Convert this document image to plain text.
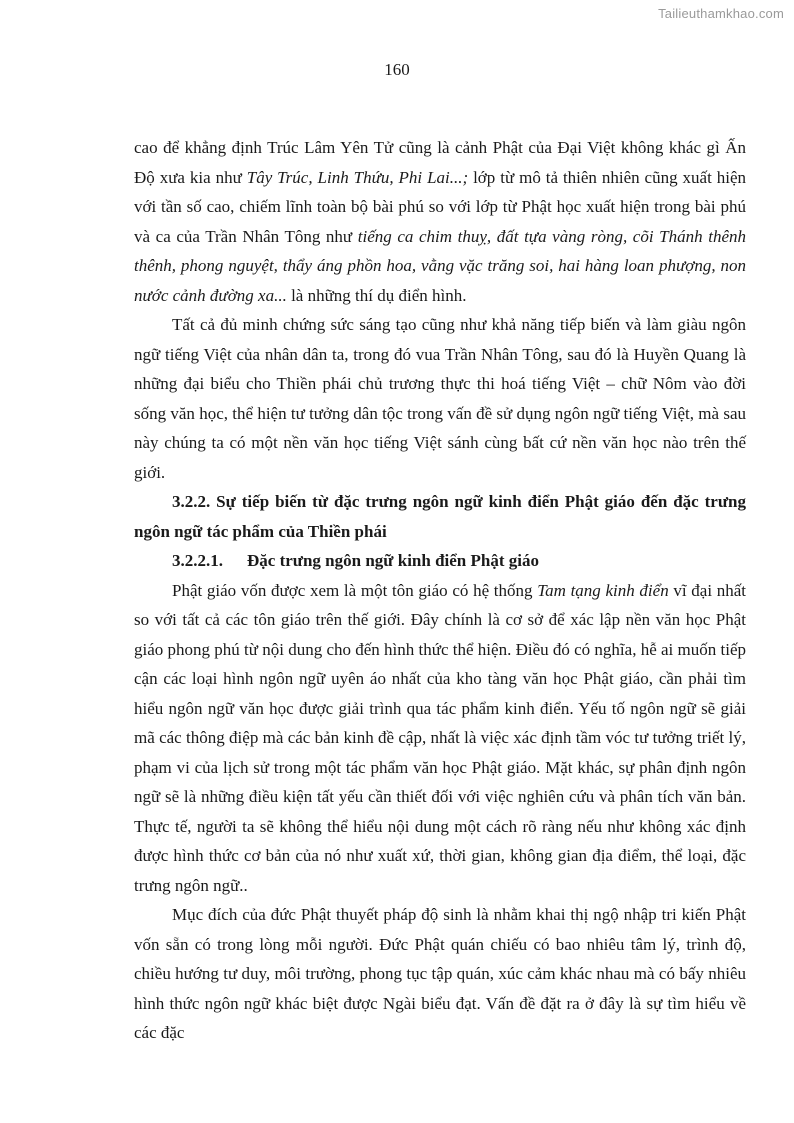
Tailieuthamkhao.com
160

cao để khẳng định Trúc Lâm Yên Tử cũng là cảnh Phật của Đại Việt không khác gì Ấn Độ xưa kia như Tây Trúc, Linh Thứu, Phi Lai...; lớp từ mô tả thiên nhiên cũng xuất hiện với tần số cao, chiếm lĩnh toàn bộ bài phú so với lớp từ Phật học xuất hiện trong bài phú và ca của Trần Nhân Tông như tiếng ca chim thuỵ, đất tựa vàng ròng, cõi Thánh thênh thênh, phong nguyệt, thẩy áng phồn hoa, vằng vặc trăng soi, hai hàng loan phượng, non nước cảnh đường xa... là những thí dụ điển hình.

Tất cả đủ minh chứng sức sáng tạo cũng như khả năng tiếp biến và làm giàu ngôn ngữ tiếng Việt của nhân dân ta, trong đó vua Trần Nhân Tông, sau đó là Huyền Quang là những đại biểu cho Thiền phái chủ trương thực thi hoá tiếng Việt – chữ Nôm vào đời sống văn học, thể hiện tư tưởng dân tộc trong vấn đề sử dụng ngôn ngữ tiếng Việt, mà sau này chúng ta có một nền văn học tiếng Việt sánh cùng bất cứ nền văn học nào trên thế giới.

3.2.2. Sự tiếp biến từ đặc trưng ngôn ngữ kinh điển Phật giáo đến đặc trưng ngôn ngữ tác phẩm của Thiền phái

3.2.2.1. Đặc trưng ngôn ngữ kinh điển Phật giáo

Phật giáo vốn được xem là một tôn giáo có hệ thống Tam tạng kinh điển vĩ đại nhất so với tất cả các tôn giáo trên thế giới. Đây chính là cơ sở để xác lập nền văn học Phật giáo phong phú từ nội dung cho đến hình thức thể hiện. Điều đó có nghĩa, hễ ai muốn tiếp cận các loại hình ngôn ngữ uyên áo nhất của kho tàng văn học Phật giáo, cần phải tìm hiểu ngôn ngữ văn học được giải trình qua tác phẩm kinh điển. Yếu tố ngôn ngữ sẽ giải mã các thông điệp mà các bản kinh đề cập, nhất là việc xác định tầm vóc tư tưởng triết lý, phạm vi của lịch sử trong một tác phẩm văn học Phật giáo. Mặt khác, sự phân định ngôn ngữ sẽ là những điều kiện tất yếu cần thiết đối với việc nghiên cứu và phân tích văn bản. Thực tế, người ta sẽ không thể hiểu nội dung một cách rõ ràng nếu như không xác định được hình thức cơ bản của nó như xuất xứ, thời gian, không gian địa điểm, thể loại, đặc trưng ngôn ngữ..

Mục đích của đức Phật thuyết pháp độ sinh là nhằm khai thị ngộ nhập tri kiến Phật vốn sẵn có trong lòng mỗi người. Đức Phật quán chiếu có bao nhiêu tâm lý, trình độ, chiều hướng tư duy, môi trường, phong tục tập quán, xúc cảm khác nhau mà có bấy nhiêu hình thức ngôn ngữ khác biệt được Ngài biểu đạt. Vấn đề đặt ra ở đây là sự tìm hiểu về các đặc
